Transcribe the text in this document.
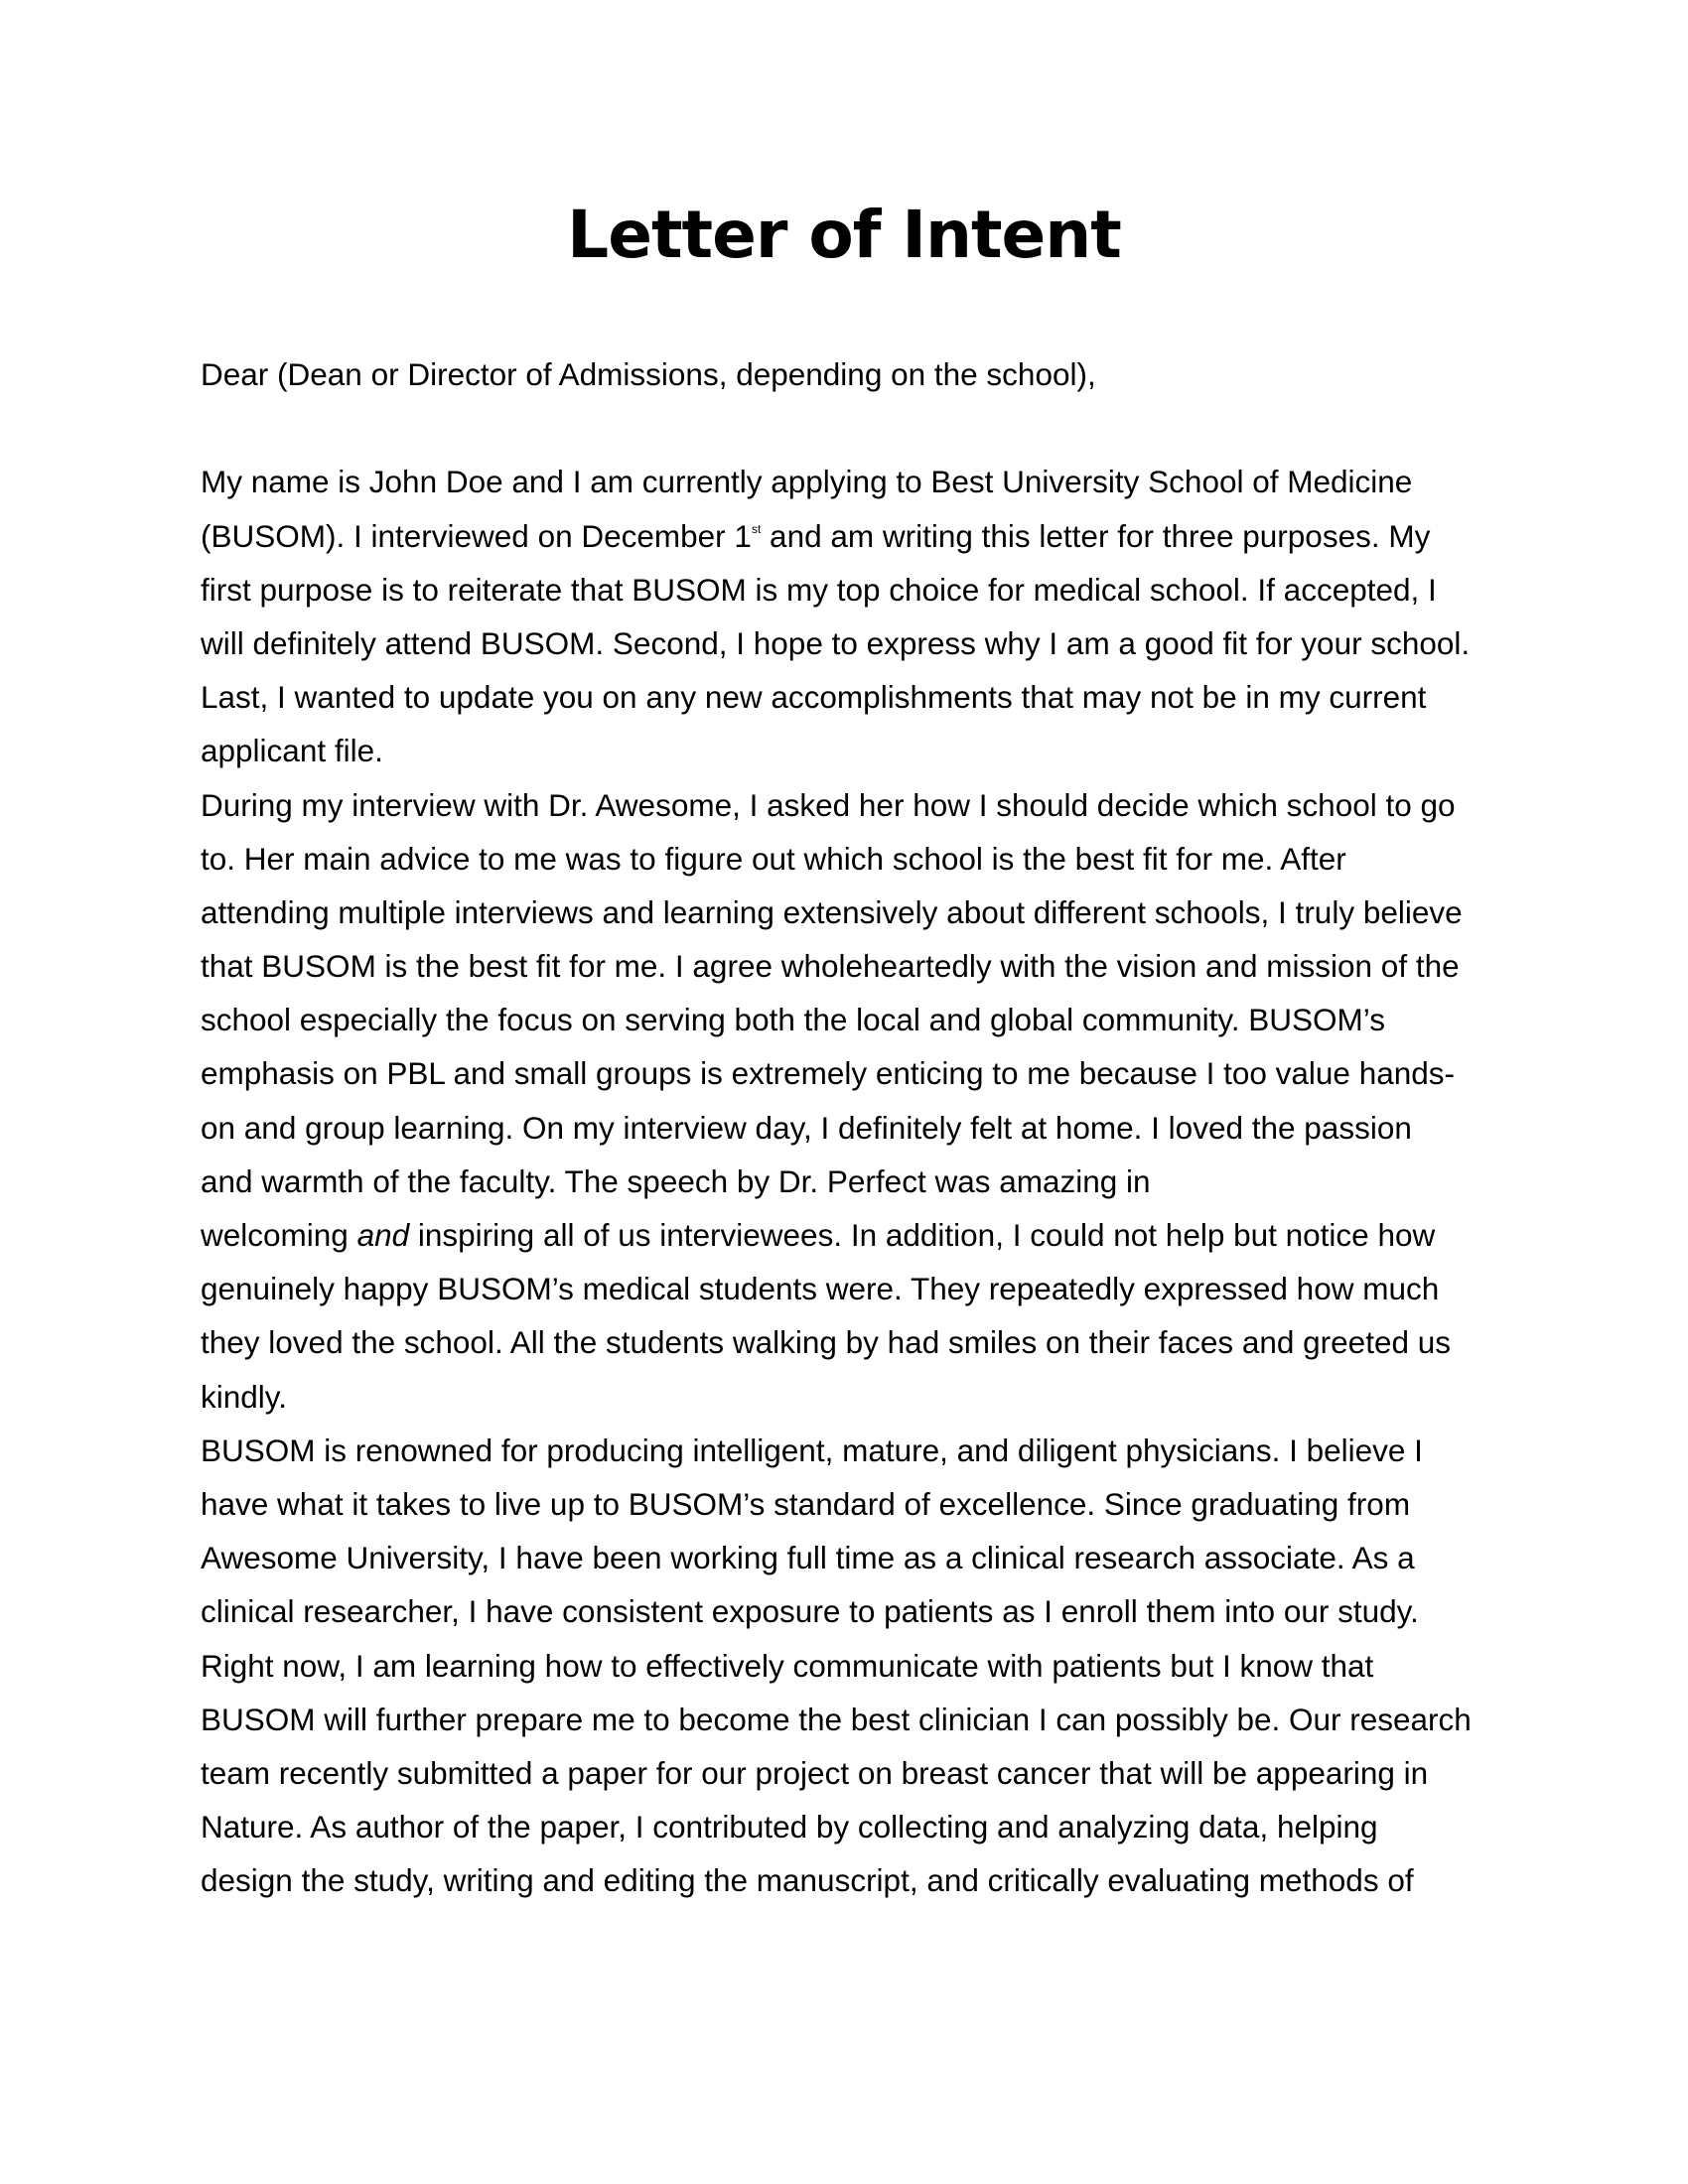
Letter of Intent
Dear (Dean or Director of Admissions, depending on the school),
My name is John Doe and I am currently applying to Best University School of Medicine
(BUSOM). I interviewed on December 1st and am writing this letter for three purposes. My
first purpose is to reiterate that BUSOM is my top choice for medical school. If accepted, I
will definitely attend BUSOM. Second, I hope to express why I am a good fit for your school.
Last, I wanted to update you on any new accomplishments that may not be in my current
applicant file.
During my interview with Dr. Awesome, I asked her how I should decide which school to go
to. Her main advice to me was to figure out which school is the best fit for me. After
attending multiple interviews and learning extensively about different schools, I truly believe
that BUSOM is the best fit for me. I agree wholeheartedly with the vision and mission of the
school especially the focus on serving both the local and global community. BUSOM’s
emphasis on PBL and small groups is extremely enticing to me because I too value hands-
on and group learning. On my interview day, I definitely felt at home. I loved the passion
and warmth of the faculty. The speech by Dr. Perfect was amazing in
welcoming and inspiring all of us interviewees. In addition, I could not help but notice how
genuinely happy BUSOM’s medical students were. They repeatedly expressed how much
they loved the school. All the students walking by had smiles on their faces and greeted us
kindly.
BUSOM is renowned for producing intelligent, mature, and diligent physicians. I believe I
have what it takes to live up to BUSOM’s standard of excellence. Since graduating from
Awesome University, I have been working full time as a clinical research associate. As a
clinical researcher, I have consistent exposure to patients as I enroll them into our study.
Right now, I am learning how to effectively communicate with patients but I know that
BUSOM will further prepare me to become the best clinician I can possibly be. Our research
team recently submitted a paper for our project on breast cancer that will be appearing in
Nature. As author of the paper, I contributed by collecting and analyzing data, helping
design the study, writing and editing the manuscript, and critically evaluating methods of
